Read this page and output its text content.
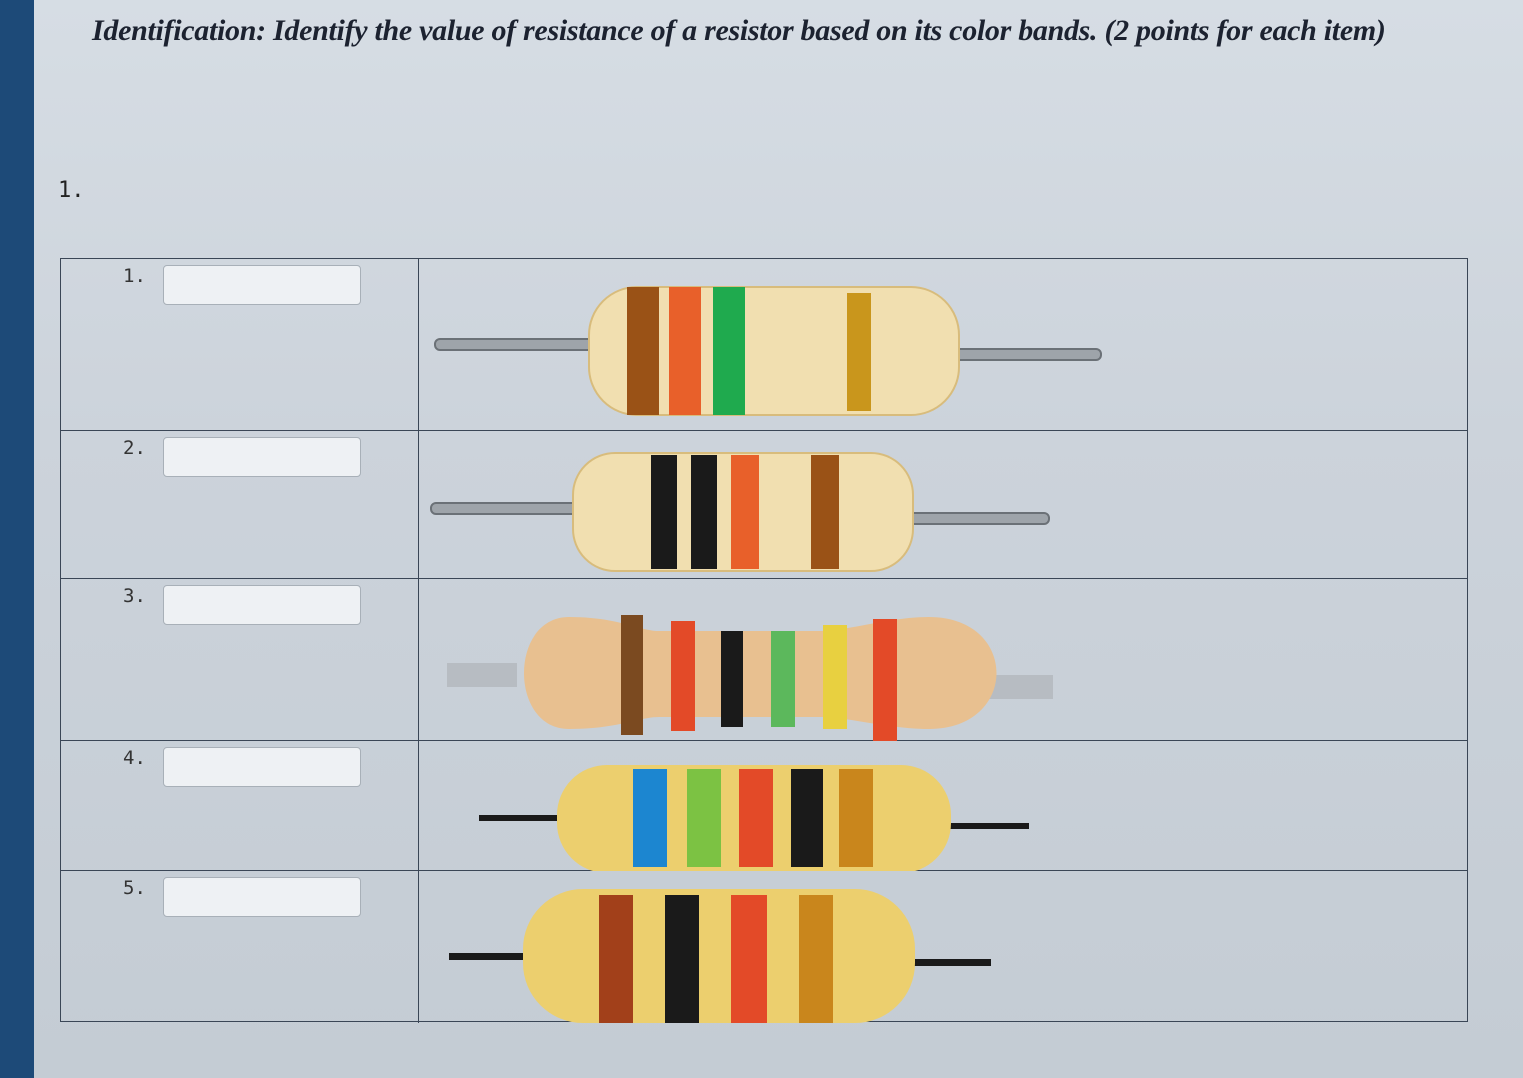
Identification: Identify the value of resistance of a resistor based on its color bands. (2 points for each item)
1.
1.
2.
3.
4.
5.
